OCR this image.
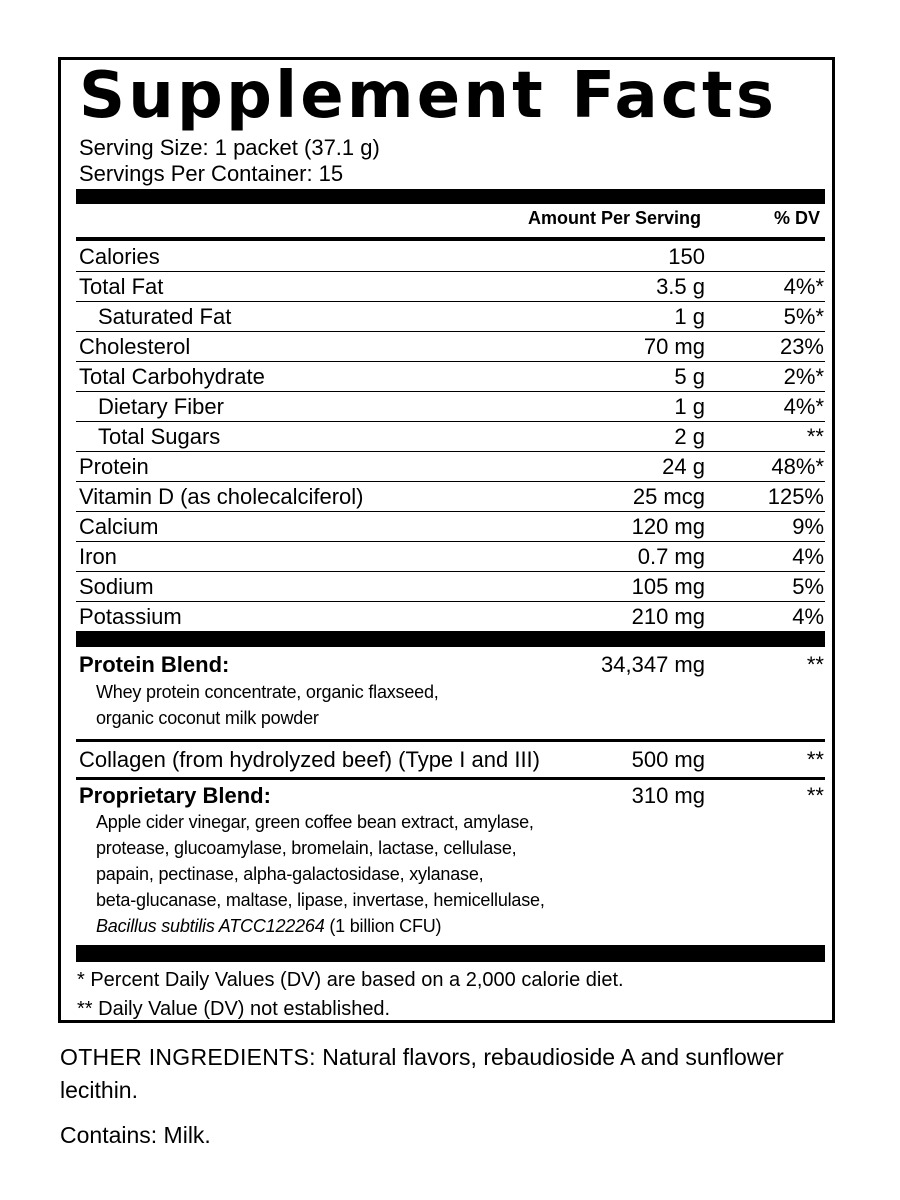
Supplement Facts
Serving Size: 1 packet (37.1 g)
Servings Per Container: 15
Amount Per Serving	% DV
Calories	150
Total Fat	3.5 g	4%*
Saturated Fat	1 g	5%*
Cholesterol	70 mg	23%
Total Carbohydrate	5 g	2%*
Dietary Fiber	1 g	4%*
Total Sugars	2 g	**
Protein	24 g	48%*
Vitamin D (as cholecalciferol)	25 mcg	125%
Calcium	120 mg	9%
Iron	0.7 mg	4%
Sodium	105 mg	5%
Potassium	210 mg	4%
Protein Blend:	34,347 mg	**
Whey protein concentrate, organic flaxseed,
organic coconut milk powder
Collagen (from hydrolyzed beef) (Type I and III)	500 mg	**
Proprietary Blend:	310 mg	**
Apple cider vinegar, green coffee bean extract, amylase,
protease, glucoamylase, bromelain, lactase, cellulase,
papain, pectinase, alpha-galactosidase, xylanase,
beta-glucanase, maltase, lipase, invertase, hemicellulase,
Bacillus subtilis ATCC122264 (1 billion CFU)
* Percent Daily Values (DV) are based on a 2,000 calorie diet.
** Daily Value (DV) not established.

OTHER INGREDIENTS: Natural flavors, rebaudioside A and sunflower lecithin.

Contains: Milk.
